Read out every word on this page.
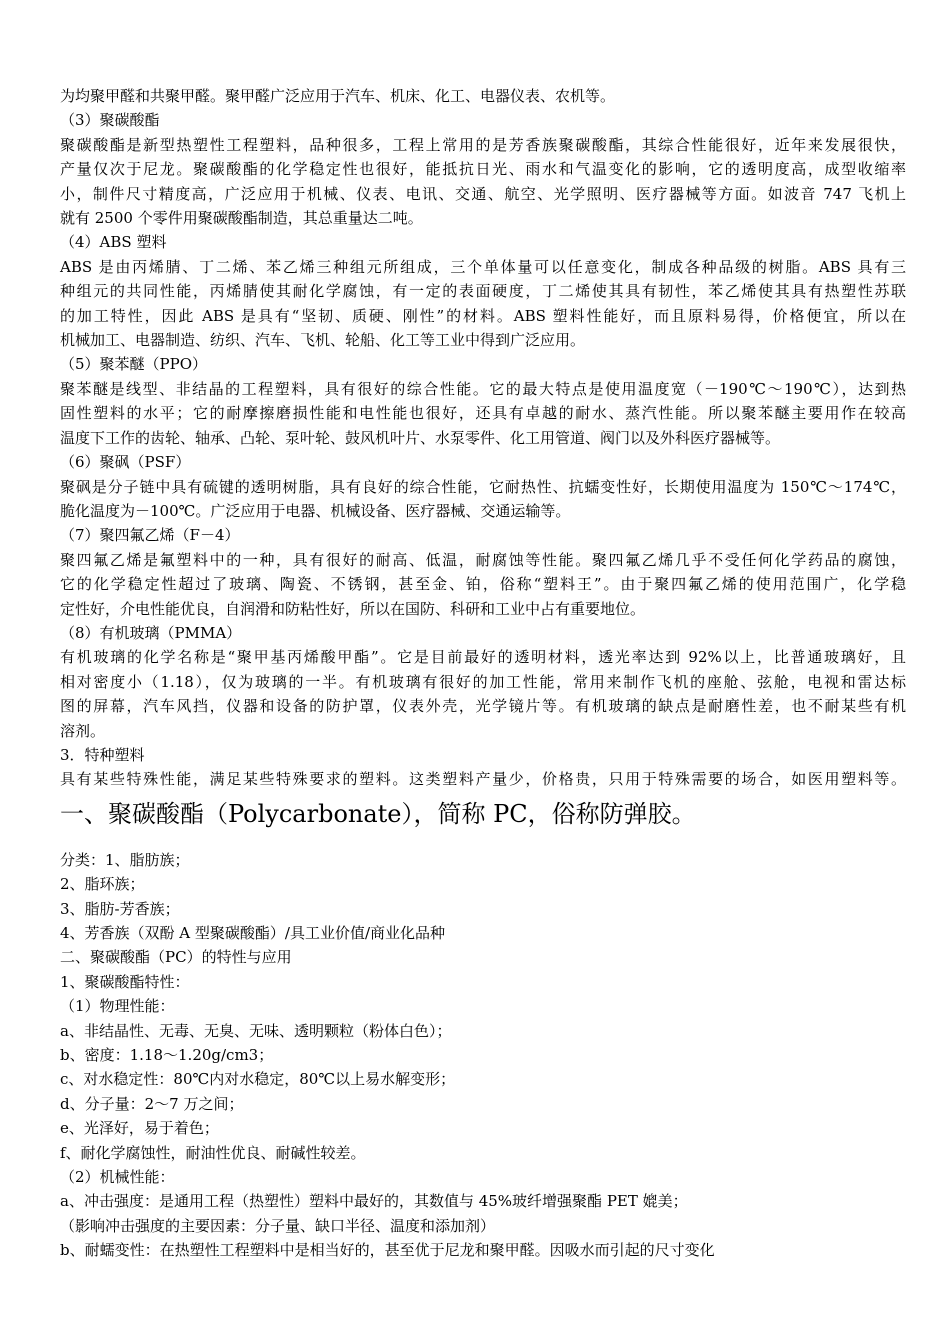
为均聚甲醛和共聚甲醛。聚甲醛广泛应用于汽车、机床、化工、电器仪表、农机等。
（3）聚碳酸酯
聚碳酸酯是新型热塑性工程塑料，品种很多，工程上常用的是芳香族聚碳酸酯，其综合性能很好，近年来发展很快，
产量仅次于尼龙。聚碳酸酯的化学稳定性也很好，能抵抗日光、雨水和气温变化的影响，它的透明度高，成型收缩率
小，制件尺寸精度高，广泛应用于机械、仪表、电讯、交通、航空、光学照明、医疗器械等方面。如波音 747 飞机上
就有 2500 个零件用聚碳酸酯制造，其总重量达二吨。
（4）ABS 塑料
ABS 是由丙烯腈、丁二烯、苯乙烯三种组元所组成，三个单体量可以任意变化，制成各种品级的树脂。ABS 具有三
种组元的共同性能，丙烯腈使其耐化学腐蚀，有一定的表面硬度，丁二烯使其具有韧性，苯乙烯使其具有热塑性苏联
的加工特性，因此 ABS 是具有“坚韧、质硬、刚性”的材料。ABS 塑料性能好，而且原料易得，价格便宜，所以在
机械加工、电器制造、纺织、汽车、飞机、轮船、化工等工业中得到广泛应用。
（5）聚苯醚（PPO）
聚苯醚是线型、非结晶的工程塑料，具有很好的综合性能。它的最大特点是使用温度宽（－190℃～190℃），达到热
固性塑料的水平；它的耐摩擦磨损性能和电性能也很好，还具有卓越的耐水、蒸汽性能。所以聚苯醚主要用作在较高
温度下工作的齿轮、轴承、凸轮、泵叶轮、鼓风机叶片、水泵零件、化工用管道、阀门以及外科医疗器械等。
（6）聚砜（PSF）
聚砜是分子链中具有硫键的透明树脂，具有良好的综合性能，它耐热性、抗蠕变性好，长期使用温度为 150℃～174℃，
脆化温度为－100℃。广泛应用于电器、机械设备、医疗器械、交通运输等。
（7）聚四氟乙烯（F－4）
聚四氟乙烯是氟塑料中的一种，具有很好的耐高、低温，耐腐蚀等性能。聚四氟乙烯几乎不受任何化学药品的腐蚀，
它的化学稳定性超过了玻璃、陶瓷、不锈钢，甚至金、铂，俗称“塑料王”。由于聚四氟乙烯的使用范围广，化学稳
定性好，介电性能优良，自润滑和防粘性好，所以在国防、科研和工业中占有重要地位。
（8）有机玻璃（PMMA）
有机玻璃的化学名称是“聚甲基丙烯酸甲酯”。它是目前最好的透明材料，透光率达到 92%以上，比普通玻璃好，且
相对密度小（1.18），仅为玻璃的一半。有机玻璃有很好的加工性能，常用来制作飞机的座舱、弦舱，电视和雷达标
图的屏幕，汽车风挡，仪器和设备的防护罩，仪表外壳，光学镜片等。有机玻璃的缺点是耐磨性差，也不耐某些有机
溶剂。
3．特种塑料
具有某些特殊性能，满足某些特殊要求的塑料。这类塑料产量少，价格贵，只用于特殊需要的场合，如医用塑料等。
一、聚碳酸酯（Polycarbonate），简称 PC，俗称防弹胶。
分类：1、脂肪族；
2、脂环族；
3、脂肪-芳香族；
4、芳香族（双酚 A 型聚碳酸酯）/具工业价值/商业化品种
二、聚碳酸酯（PC）的特性与应用
1、聚碳酸酯特性：
（1）物理性能：
a、非结晶性、无毒、无臭、无味、透明颗粒（粉体白色）；
b、密度：1.18～1.20g/cm3；
c、对水稳定性：80℃内对水稳定，80℃以上易水解变形；
d、分子量：2～7 万之间；
e、光泽好，易于着色；
f、耐化学腐蚀性，耐油性优良、耐碱性较差。
（2）机械性能：
a、冲击强度：是通用工程（热塑性）塑料中最好的，其数值与 45%玻纤增强聚酯 PET 媲美；
（影响冲击强度的主要因素：分子量、缺口半径、温度和添加剂）
b、耐蠕变性：在热塑性工程塑料中是相当好的，甚至优于尼龙和聚甲醛。因吸水而引起的尺寸变化
